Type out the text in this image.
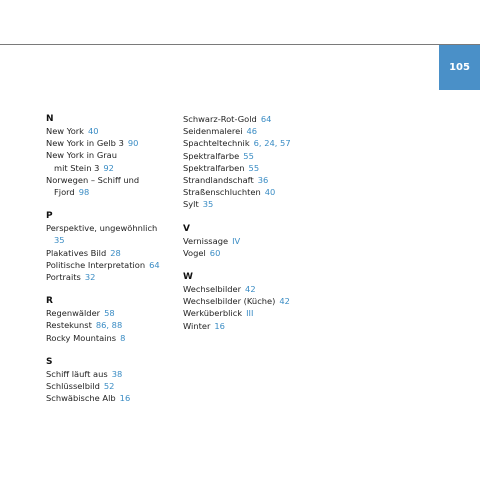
105
N
New York 40
New York in Gelb 3 90
New York in Grau
mit Stein 3 92
Norwegen – Schiff und
Fjord 98
P
Perspektive, ungewöhnlich
35
Plakatives Bild 28
Politische Interpretation 64
Portraits 32
R
Regenwälder 58
Restekunst 86, 88
Rocky Mountains 8
S
Schiff läuft aus 38
Schlüsselbild 52
Schwäbische Alb 16
Schwarz-Rot-Gold 64
Seidenmalerei 46
Spachteltechnik 6, 24, 57
Spektralfarbe 55
Spektralfarben 55
Strandlandschaft 36
Straßenschluchten 40
Sylt 35
V
Vernissage IV
Vogel 60
W
Wechselbilder 42
Wechselbilder (Küche) 42
Werküberblick III
Winter 16
